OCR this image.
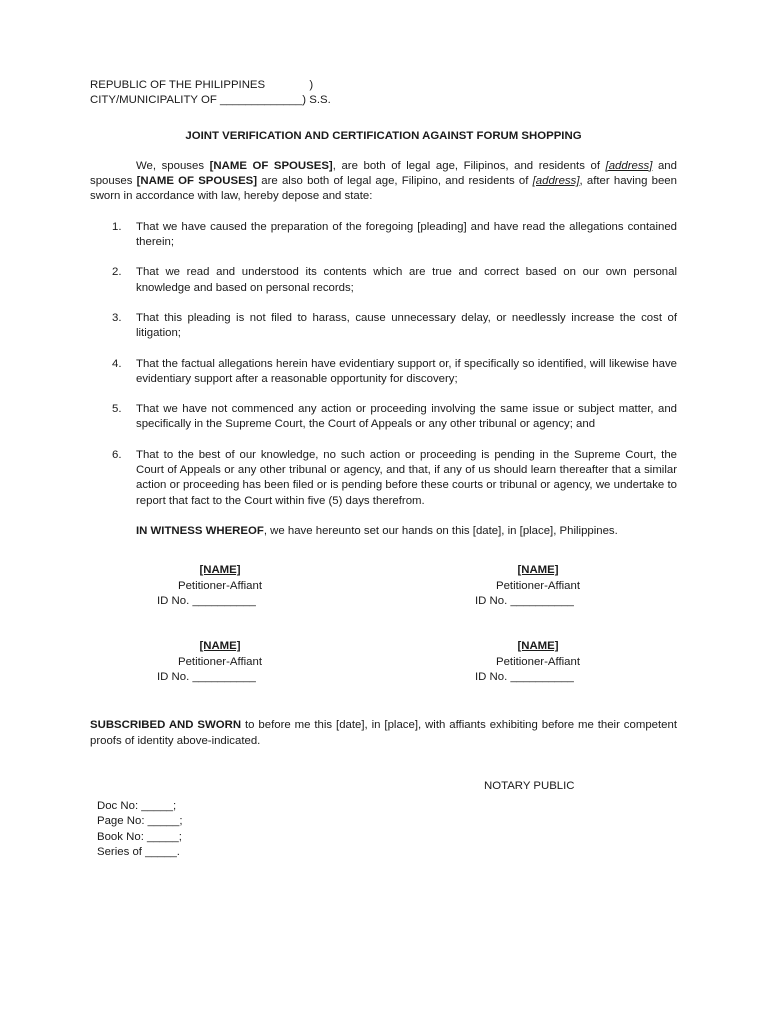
REPUBLIC OF THE PHILIPPINES              )
CITY/MUNICIPALITY OF _____________) S.S.
JOINT VERIFICATION AND CERTIFICATION AGAINST FORUM SHOPPING
We, spouses [NAME OF SPOUSES], are both of legal age, Filipinos, and residents of [address] and spouses [NAME OF SPOUSES] are also both of legal age, Filipino, and residents of [address], after having been sworn in accordance with law, hereby depose and state:
1. That we have caused the preparation of the foregoing [pleading] and have read the allegations contained therein;
2. That we read and understood its contents which are true and correct based on our own personal knowledge and based on personal records;
3. That this pleading is not filed to harass, cause unnecessary delay, or needlessly increase the cost of litigation;
4. That the factual allegations herein have evidentiary support or, if specifically so identified, will likewise have evidentiary support after a reasonable opportunity for discovery;
5. That we have not commenced any action or proceeding involving the same issue or subject matter, and specifically in the Supreme Court, the Court of Appeals or any other tribunal or agency; and
6. That to the best of our knowledge, no such action or proceeding is pending in the Supreme Court, the Court of Appeals or any other tribunal or agency, and that, if any of us should learn thereafter that a similar action or proceeding has been filed or is pending before these courts or tribunal or agency, we undertake to report that fact to the Court within five (5) days therefrom.
IN WITNESS WHEREOF, we have hereunto set our hands on this [date], in [place], Philippines.
[NAME]
Petitioner-Affiant
ID No. __________
[NAME]
Petitioner-Affiant
ID No. __________
[NAME]
Petitioner-Affiant
ID No. __________
[NAME]
Petitioner-Affiant
ID No. __________
SUBSCRIBED AND SWORN to before me this [date], in [place], with affiants exhibiting before me their competent proofs of identity above-indicated.
NOTARY PUBLIC
Doc No: _____;
Page No: _____;
Book No: _____;
Series of _____.
